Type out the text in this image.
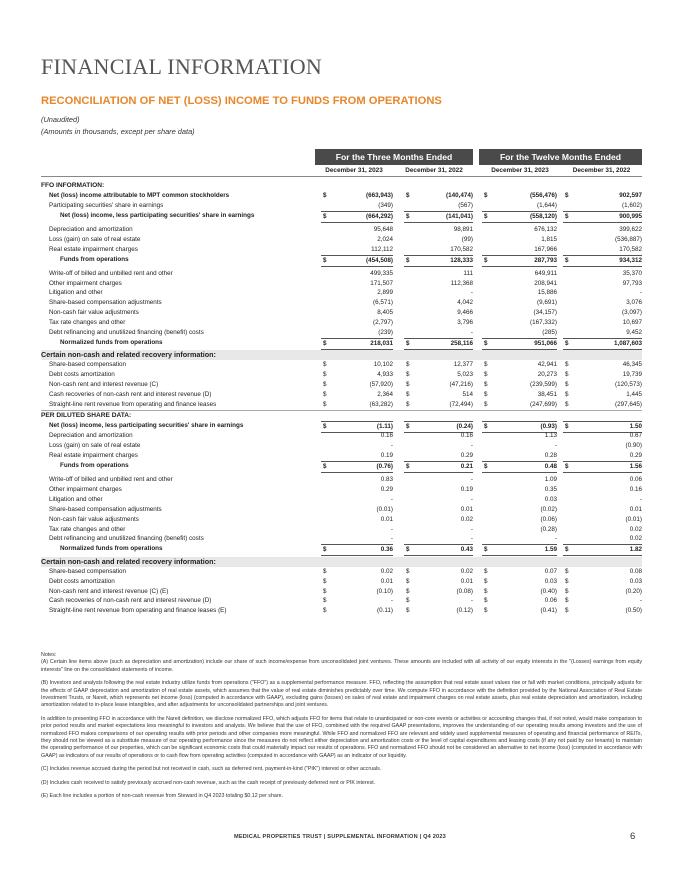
FINANCIAL INFORMATION
RECONCILIATION OF NET (LOSS) INCOME TO FUNDS FROM OPERATIONS
(Unaudited)
(Amounts in thousands, except per share data)
For the Three Months Ended	For the Twelve Months Ended
December 31, 2023	December 31, 2022	December 31, 2023	December 31, 2022
FFO INFORMATION:
Net (loss) income attributable to MPT common stockholders	$	(663,943) $	(140,474) $	(556,476) $	902,597
Participating securities' share in earnings	(349)	(567)	(1,644)	(1,602)
Net (loss) income, less participating securities' share in earnings	$	(664,292) $	(141,041) $	(558,120) $	900,995
Depreciation and amortization	95,648	98,891	676,132	399,622
Loss (gain) on sale of real estate	2,024	(99)	1,815	(536,887)
Real estate impairment charges	112,112	170,582	167,966	170,582
Funds from operations	$	(454,508) $	128,333 $	287,793 $	934,312
Write-off of billed and unbilled rent and other	499,335	111	649,911	35,370
Other impairment charges	171,507	112,368	208,941	97,793
Litigation and other	2,899	-	15,886	-
Share-based compensation adjustments	(6,571)	4,042	(9,691)	3,076
Non-cash fair value adjustments	8,405	9,466	(34,157)	(3,097)
Tax rate changes and other	(2,797)	3,796	(167,332)	10,697
Debt refinancing and unutilized financing (benefit) costs	(239)	-	(285)	9,452
Normalized funds from operations	$	218,031 $	258,116 $	951,066 $	1,087,603
Certain non-cash and related recovery information:
Share-based compensation	$	10,102 $	12,377 $	42,941 $	46,345
Debt costs amortization	$	4,933 $	5,023 $	20,273 $	19,739
Non-cash rent and interest revenue (C)	$	(57,920) $	(47,216) $	(239,599) $	(120,573)
Cash recoveries of non-cash rent and interest revenue (D)	$	2,364 $	514 $	38,451 $	1,445
Straight-line rent revenue from operating and finance leases	$	(63,282) $	(72,494) $	(247,699) $	(297,645)
PER DILUTED SHARE DATA:
Net (loss) income, less participating securities' share in earnings	$	(1.11) $	(0.24) $	(0.93) $	1.50
Depreciation and amortization	0.16	0.16	1.13	0.67
Loss (gain) on sale of real estate	-	-	-	(0.90)
Real estate impairment charges	0.19	0.29	0.28	0.29
Funds from operations	$	(0.76) $	0.21 $	0.48 $	1.56
Write-off of billed and unbilled rent and other	0.83	-	1.09	0.06
Other impairment charges	0.29	0.19	0.35	0.16
Litigation and other	-	-	0.03	-
Share-based compensation adjustments	(0.01)	0.01	(0.02)	0.01
Non-cash fair value adjustments	0.01	0.02	(0.06)	(0.01)
Tax rate changes and other	-	-	(0.28)	0.02
Debt refinancing and unutilized financing (benefit) costs	-	-	-	0.02
Normalized funds from operations	$	0.36 $	0.43 $	1.59 $	1.82
Certain non-cash and related recovery information:
Share-based compensation	$	0.02 $	0.02 $	0.07 $	0.08
Debt costs amortization	$	0.01 $	0.01 $	0.03 $	0.03
Non-cash rent and interest revenue (C) (E)	$	(0.10) $	(0.08) $	(0.40) $	(0.20)
Cash recoveries of non-cash rent and interest revenue (D)	$	- $	- $	0.06 $	-
Straight-line rent revenue from operating and finance leases (E)	$	(0.11) $	(0.12) $	(0.41) $	(0.50)

Notes:

(A) Certain line items above (such as depreciation and amortization) include our share of such income/expense from unconsolidated joint ventures. These amounts are included with all activity of our equity interests in the "(Losses) earnings from equity interests" line on the consolidated statements of income.

(B) Investors and analysts following the real estate industry utilize funds from operations ("FFO") as a supplemental performance measure. FFO, reflecting the assumption that real estate asset values rise or fall with market conditions, principally adjusts for the effects of GAAP depreciation and amortization of real estate assets, which assumes that the value of real estate diminishes predictably over time. We compute FFO in accordance with the definition provided by the National Association of Real Estate Investment Trusts, or Nareit, which represents net income (loss) (computed in accordance with GAAP), excluding gains (losses) on sales of real estate and impairment charges on real estate assets, plus real estate depreciation and amortization, including amortization related to in-place lease intangibles, and after adjustments for unconsolidated partnerships and joint ventures.

In addition to presenting FFO in accordance with the Nareit definition, we disclose normalized FFO, which adjusts FFO for items that relate to unanticipated or non-core events or activities or accounting changes that, if not noted, would make comparison to prior period results and market expectations less meaningful to investors and analysts. We believe that the use of FFO, combined with the required GAAP presentations, improves the understanding of our operating results among investors and the use of normalized FFO makes comparisons of our operating results with prior periods and other companies more meaningful. While FFO and normalized FFO are relevant and widely used supplemental measures of operating and financial performance of REITs, they should not be viewed as a substitute measure of our operating performance since the measures do not reflect either depreciation and amortization costs or the level of capital expenditures and leasing costs (if any not paid by our tenants) to maintain the operating performance of our properties, which can be significant economic costs that could materially impact our results of operations. FFO and normalized FFO should not be considered an alternative to net income (loss) (computed in accordance with GAAP) as indicators of our results of operations or to cash flow from operating activities (computed in accordance with GAAP) as an indicator of our liquidity.

(C) Includes revenue accrued during the period but not received in cash, such as deferred rent, payment-in-kind ("PIK") interest or other accruals.

(D) Includes cash received to satisfy previously accrued non-cash revenue, such as the cash receipt of previously deferred rent or PIK interest.

(E) Each line includes a portion of non-cash revenue from Steward in Q4 2023 totaling $0.12 per share.

MEDICAL PROPERTIES TRUST | SUPPLEMENTAL INFORMATION | Q4 2023	6
